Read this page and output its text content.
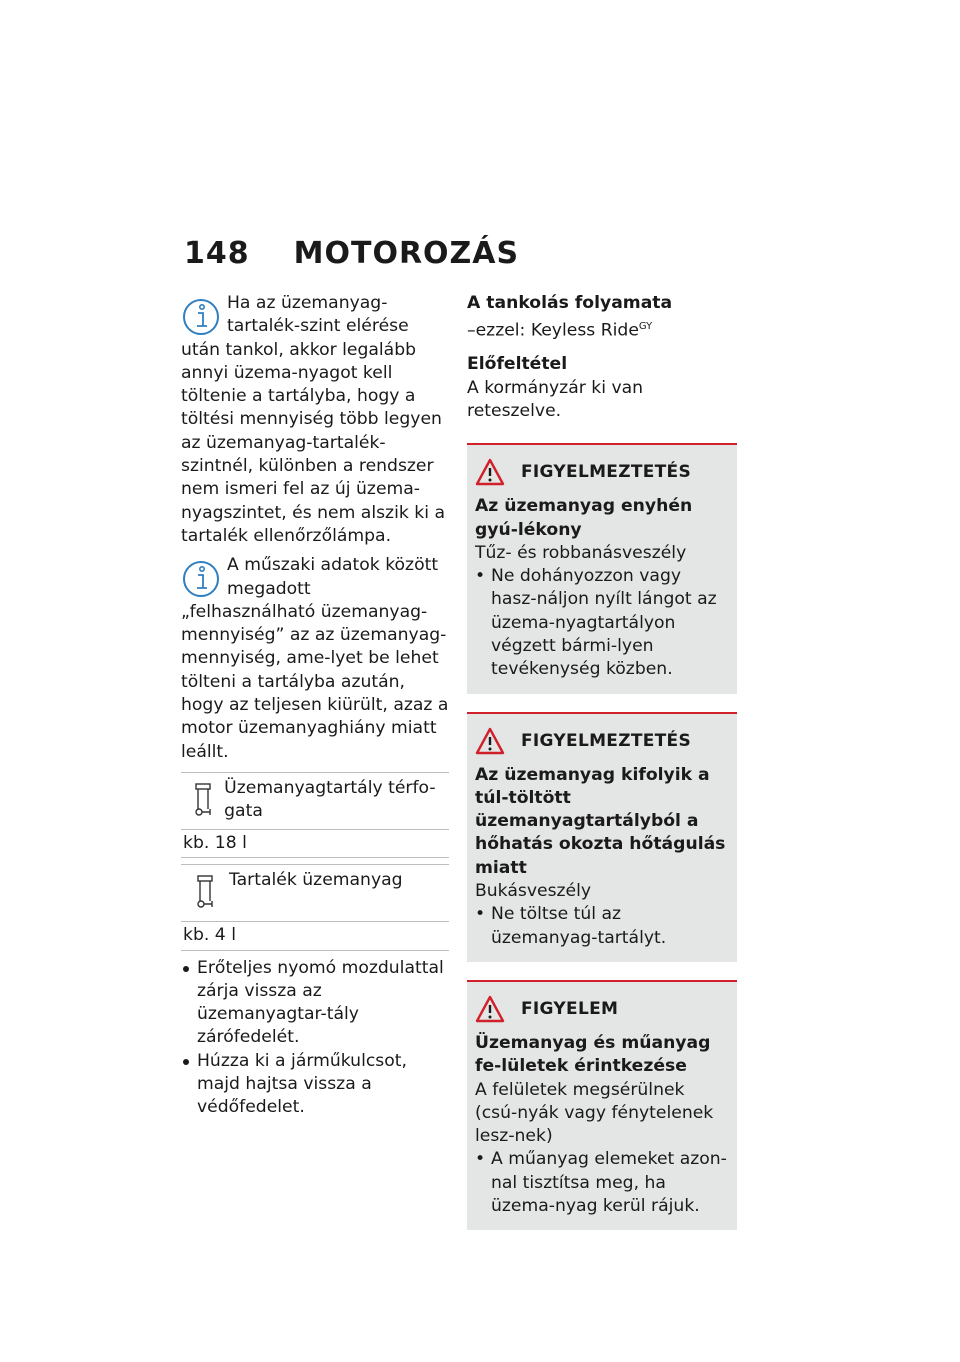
148 MOTOROZÁS

Ha az üzemanyag-tartalék-szint elérése után tankol, akkor legalább annyi üzema-nyagot kell töltenie a tartályba, hogy a töltési mennyiség több legyen az üzemanyag-tartalék-szintnél, különben a rendszer nem ismeri fel az új üzema-nyagszintet, és nem alszik ki a tartalék ellenőrzőlámpa.

A műszaki adatok között megadott „felhasználható üzemanyag-mennyiség” az az üzemanyag-mennyiség, ame-lyet be lehet tölteni a tartályba azután, hogy az teljesen kiürült, azaz a motor üzemanyaghiány miatt leállt.

Üzemanyagtartály térfo-gata
kb. 18 l
Tartalék üzemanyag
kb. 4 l
Erőteljes nyomó mozdulattal zárja vissza az üzemanyagtar-tály zárófedelét.
Húzza ki a járműkulcsot, majd hajtsa vissza a védőfedelet.

A tankolás folyamata

–ezzel: Keyless Ride$^{GY}$

Előfeltétel

A kormányzár ki van reteszelve.

FIGYELMEZTETÉS

Az üzemanyag enyhén gyú-lékony

Tűz- és robbanásveszély

• Ne dohányozzon vagy hasz-náljon nyílt lángot az üzema-nyagtartályon végzett bármi-lyen tevékenység közben.
FIGYELMEZTETÉS

Az üzemanyag kifolyik a túl-töltött üzemanyagtartályból a hőhatás okozta hőtágulás miatt

Bukásveszély

• Ne töltse túl az üzemanyag-tartályt.
FIGYELEM

Üzemanyag és műanyag fe-lületek érintkezése

A felületek megsérülnek (csú-nyák vagy fénytelenek lesz-nek)

• A műanyag elemeket azon-nal tisztítsa meg, ha üzema-nyag kerül rájuk.
